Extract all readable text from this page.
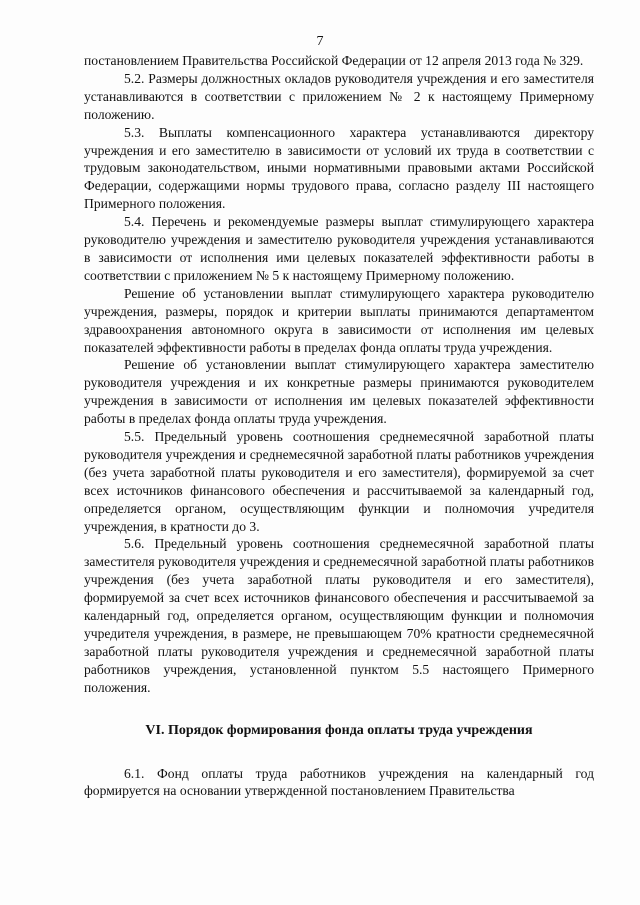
7

постановлением Правительства Российской Федерации от 12 апреля 2013 года № 329.

5.2. Размеры должностных окладов руководителя учреждения и его заместителя устанавливаются в соответствии с приложением № 2 к настоящему Примерному положению.

5.3. Выплаты компенсационного характера устанавливаются директору учреждения и его заместителю в зависимости от условий их труда в соответствии с трудовым законодательством, иными нормативными правовыми актами Российской Федерации, содержащими нормы трудового права, согласно разделу III настоящего Примерного положения.

5.4. Перечень и рекомендуемые размеры выплат стимулирующего характера руководителю учреждения и заместителю руководителя учреждения устанавливаются в зависимости от исполнения ими целевых показателей эффективности работы в соответствии с приложением № 5 к настоящему Примерному положению.

Решение об установлении выплат стимулирующего характера руководителю учреждения, размеры, порядок и критерии выплаты принимаются департаментом здравоохранения автономного округа в зависимости от исполнения им целевых показателей эффективности работы в пределах фонда оплаты труда учреждения.

Решение об установлении выплат стимулирующего характера заместителю руководителя учреждения и их конкретные размеры принимаются руководителем учреждения в зависимости от исполнения им целевых показателей эффективности работы в пределах фонда оплаты труда учреждения.

5.5. Предельный уровень соотношения среднемесячной заработной платы руководителя учреждения и среднемесячной заработной платы работников учреждения (без учета заработной платы руководителя и его заместителя), формируемой за счет всех источников финансового обеспечения и рассчитываемой за календарный год, определяется органом, осуществляющим функции и полномочия учредителя учреждения, в кратности до 3.

5.6. Предельный уровень соотношения среднемесячной заработной платы заместителя руководителя учреждения и среднемесячной заработной платы работников учреждения (без учета заработной платы руководителя и его заместителя), формируемой за счет всех источников финансового обеспечения и рассчитываемой за календарный год, определяется органом, осуществляющим функции и полномочия учредителя учреждения, в размере, не превышающем 70% кратности среднемесячной заработной платы руководителя учреждения и среднемесячной заработной платы работников учреждения, установленной пунктом 5.5 настоящего Примерного положения.

VI. Порядок формирования фонда оплаты труда учреждения

6.1. Фонд оплаты труда работников учреждения на календарный год формируется на основании утвержденной постановлением Правительства
